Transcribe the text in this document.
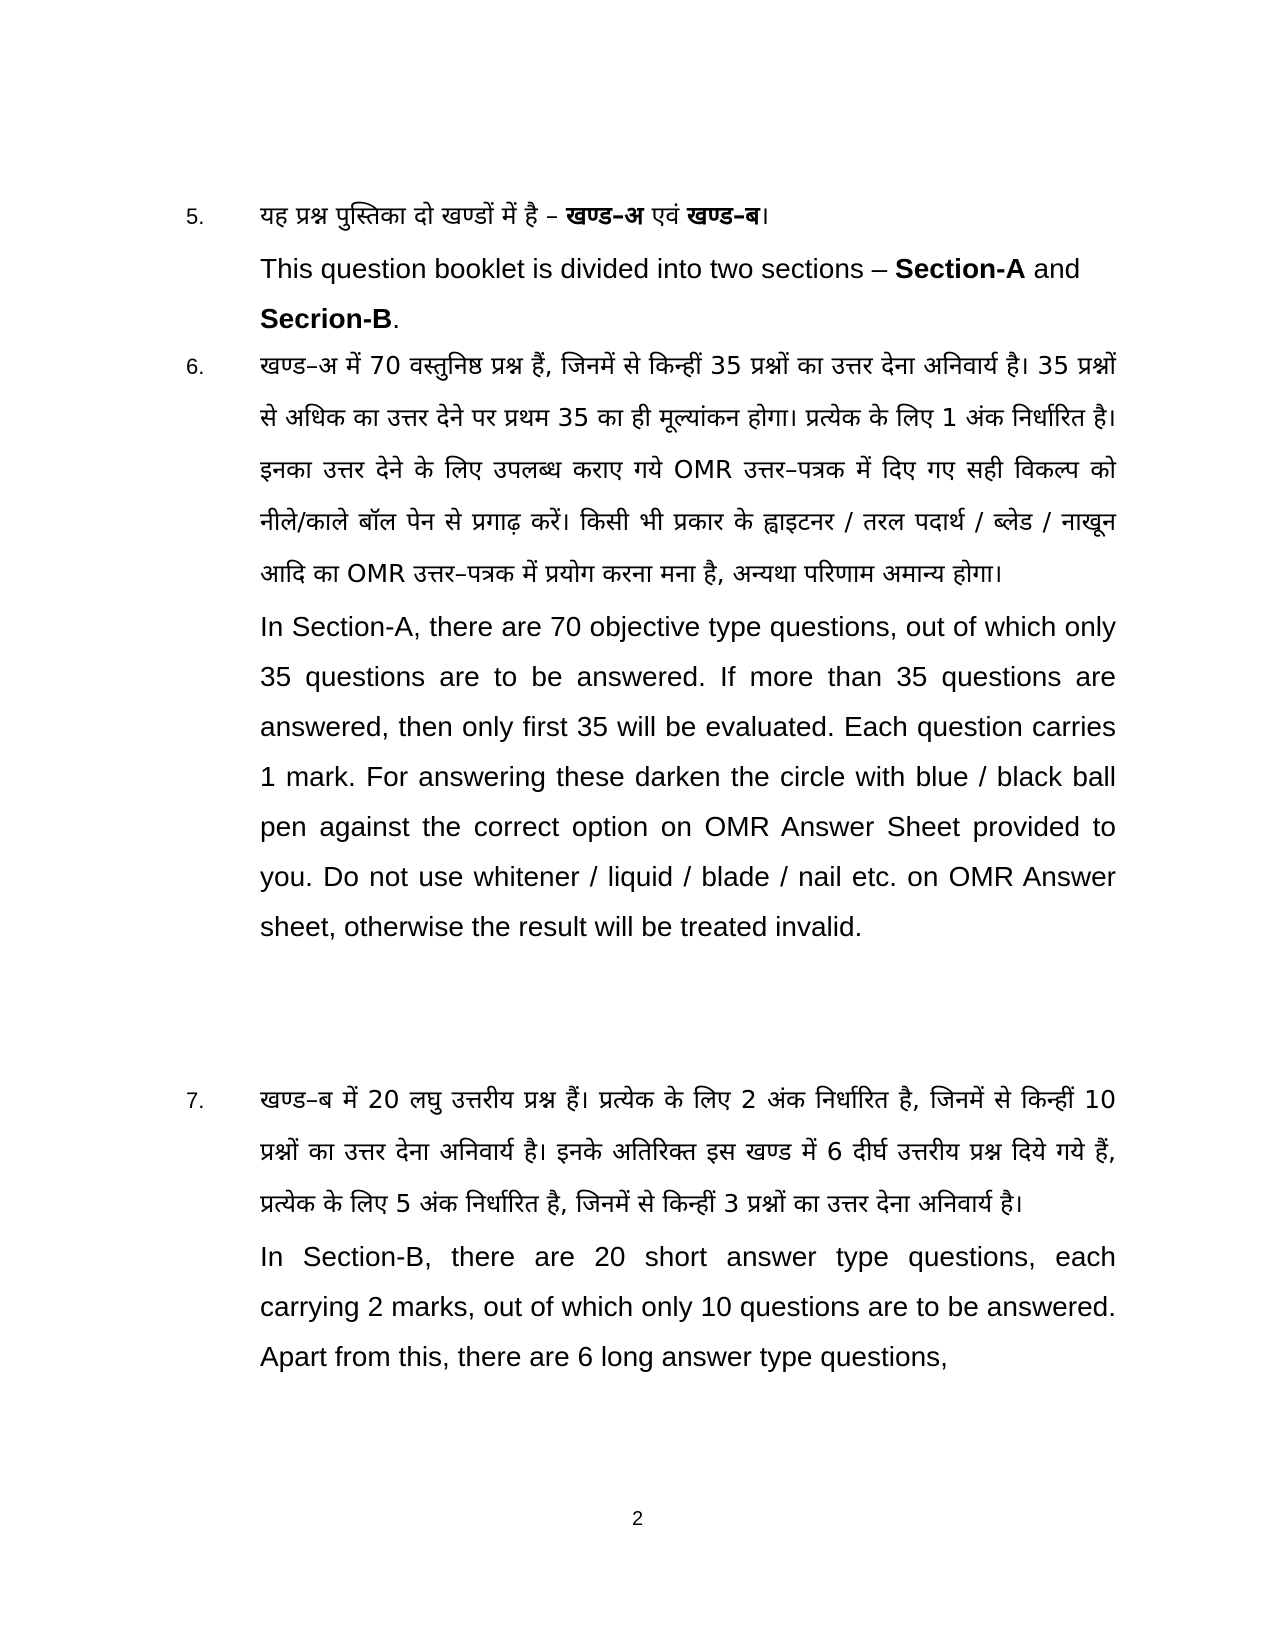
5. यह प्रश्न पुस्तिका दो खण्डों में है – खण्ड–अ एवं खण्ड–ब।

This question booklet is divided into two sections – Section-A and
Secrion-B.

6. खण्ड–अ में 70 वस्तुनिष्ठ प्रश्न हैं, जिनमें से किन्हीं 35 प्रश्नों का उत्तर देना अनिवार्य है। 35 प्रश्नों से अधिक का उत्तर देने पर प्रथम 35 का ही मूल्यांकन होगा। प्रत्येक के लिए 1 अंक निर्धारित है। इनका उत्तर देने के लिए उपलब्ध कराए गये OMR उत्तर–पत्रक में दिए गए सही विकल्प को नीले/काले बॉल पेन से प्रगाढ़ करें। किसी भी प्रकार के ह्वाइटनर / तरल पदार्थ / ब्लेड / नाखून आदि का OMR उत्तर–पत्रक में प्रयोग करना मना है, अन्यथा परिणाम अमान्य होगा।

In Section-A, there are 70 objective type questions, out of which only 35 questions are to be answered. If more than 35 questions are answered, then only first 35 will be evaluated. Each question carries 1 mark. For answering these darken the circle with blue / black ball pen against the correct option on OMR Answer Sheet provided to you. Do not use whitener / liquid / blade / nail etc. on OMR Answer sheet, otherwise the result will be treated invalid.

7. खण्ड–ब में 20 लघु उत्तरीय प्रश्न हैं। प्रत्येक के लिए 2 अंक निर्धारित है, जिनमें से किन्हीं 10 प्रश्नों का उत्तर देना अनिवार्य है। इनके अतिरिक्त इस खण्ड में 6 दीर्घ उत्तरीय प्रश्न दिये गये हैं, प्रत्येक के लिए 5 अंक निर्धारित है, जिनमें से किन्हीं 3 प्रश्नों का उत्तर देना अनिवार्य है।

In Section-B, there are 20 short answer type questions, each carrying 2 marks, out of which only 10 questions are to be answered. Apart from this, there are 6 long answer type questions,

2
